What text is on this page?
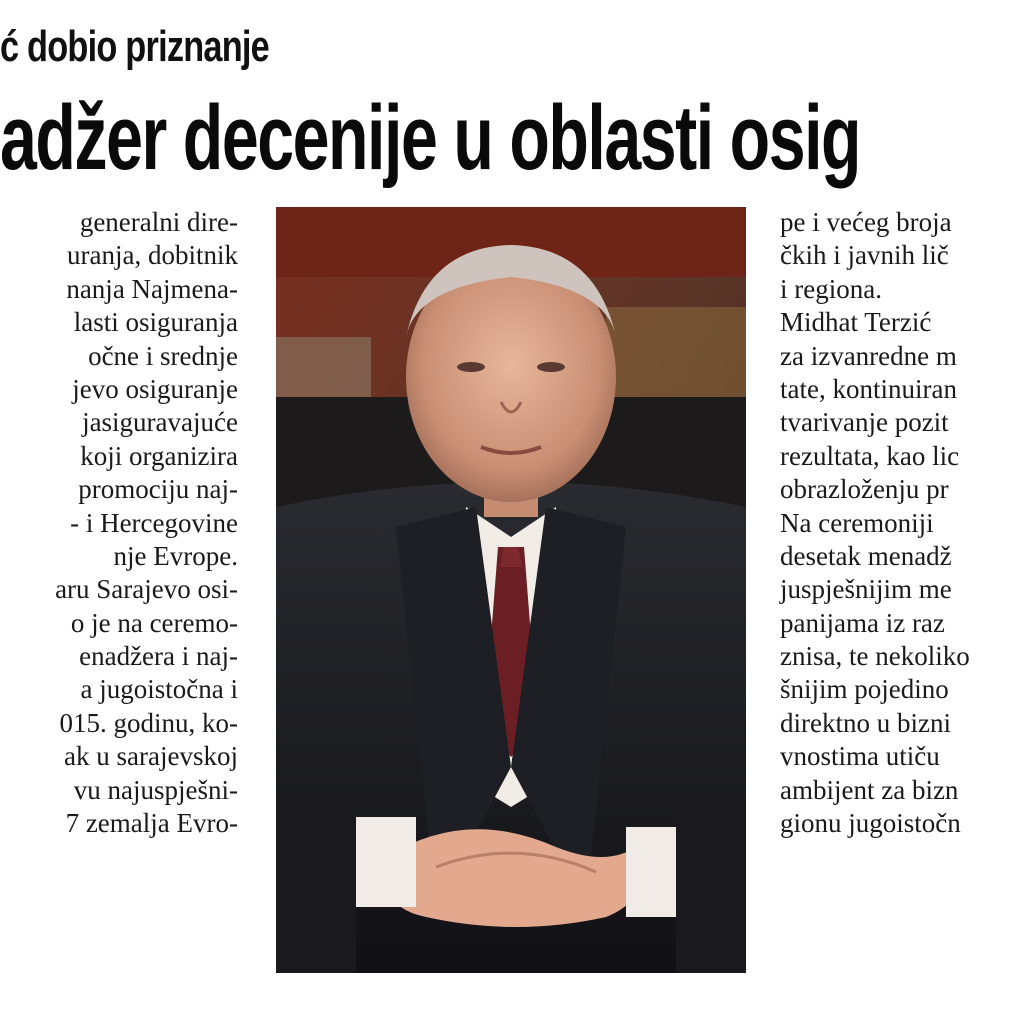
ć dobio priznanje
adžer decenije u oblasti osig
generalni dire-
uranja, dobitnik
nanja Najmena-
lasti osiguranja
očne i srednje
jevo osiguranje
jasiguravajuće
koji organizira
promociju naj-
- i Hercegovine
nje Evrope.
aru Sarajevo osi-
o je na ceremo-
enadžera i naj-
a jugoistočna i
015. godinu, ko-
ak u sarajevskoj
vu najuspješni-
7 zemalja Evro-
pe i većeg broja
čkih i javnih lič
i regiona.
Midhat Terzić
za izvanredne m
tate, kontinuiran
tvarivanje pozit
rezultata, kao lic
obrazloženju pr
Na ceremoniji
desetak menadž
juspješnijim me
panijama iz raz
znisa, te nekoliko
šnijim pojedino
direktno u bizni
vnostima utiču
ambijent za bizn
gionu jugoistočn
